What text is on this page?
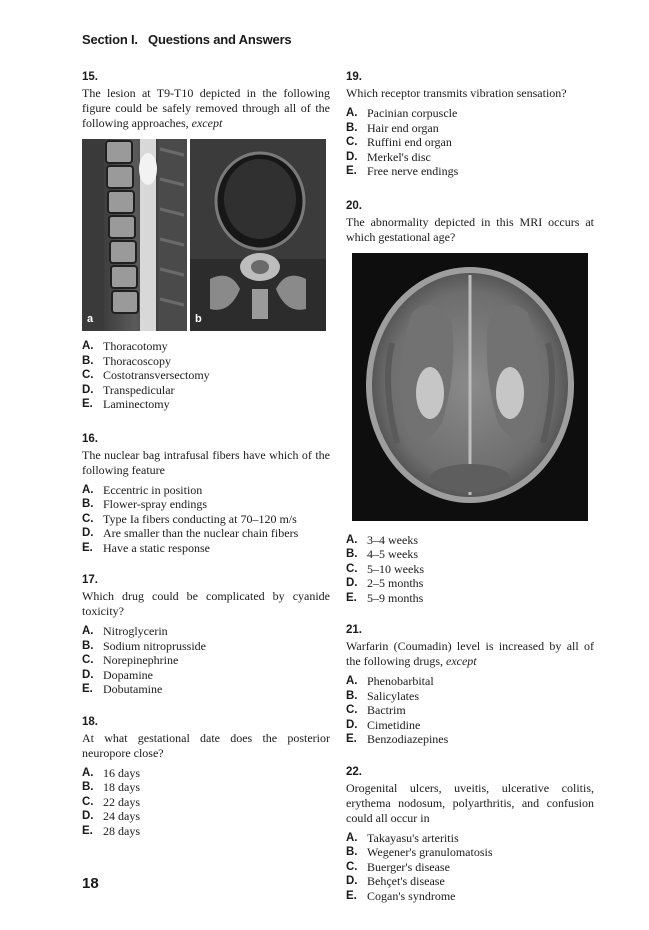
Section I. Questions and Answers
15.
The lesion at T9-T10 depicted in the following figure could be safely removed through all of the following approaches, except
a	b
A. Thoracotomy
B. Thoracoscopy
C. Costotransversectomy
D. Transpedicular
E. Laminectomy
16.
The nuclear bag intrafusal fibers have which of the following feature
A. Eccentric in position
B. Flower-spray endings
C. Type Ia fibers conducting at 70–120 m/s
D. Are smaller than the nuclear chain fibers
E. Have a static response
17.
Which drug could be complicated by cyanide toxicity?
A. Nitroglycerin
B. Sodium nitroprusside
C. Norepinephrine
D. Dopamine
E. Dobutamine
18.
At what gestational date does the posterior neuropore close?
A. 16 days
B. 18 days
C. 22 days
D. 24 days
E. 28 days
19.
Which receptor transmits vibration sensation?
A. Pacinian corpuscle
B. Hair end organ
C. Ruffini end organ
D. Merkel's disc
E. Free nerve endings
20.
The abnormality depicted in this MRI occurs at which gestational age?
A. 3–4 weeks
B. 4–5 weeks
C. 5–10 weeks
D. 2–5 months
E. 5–9 months
21.
Warfarin (Coumadin) level is increased by all of the following drugs, except
A. Phenobarbital
B. Salicylates
C. Bactrim
D. Cimetidine
E. Benzodiazepines
22.
Orogenital ulcers, uveitis, ulcerative colitis, erythema nodosum, polyarthritis, and confusion could all occur in
A. Takayasu's arteritis
B. Wegener's granulomatosis
C. Buerger's disease
D. Behçet's disease
E. Cogan's syndrome
18
